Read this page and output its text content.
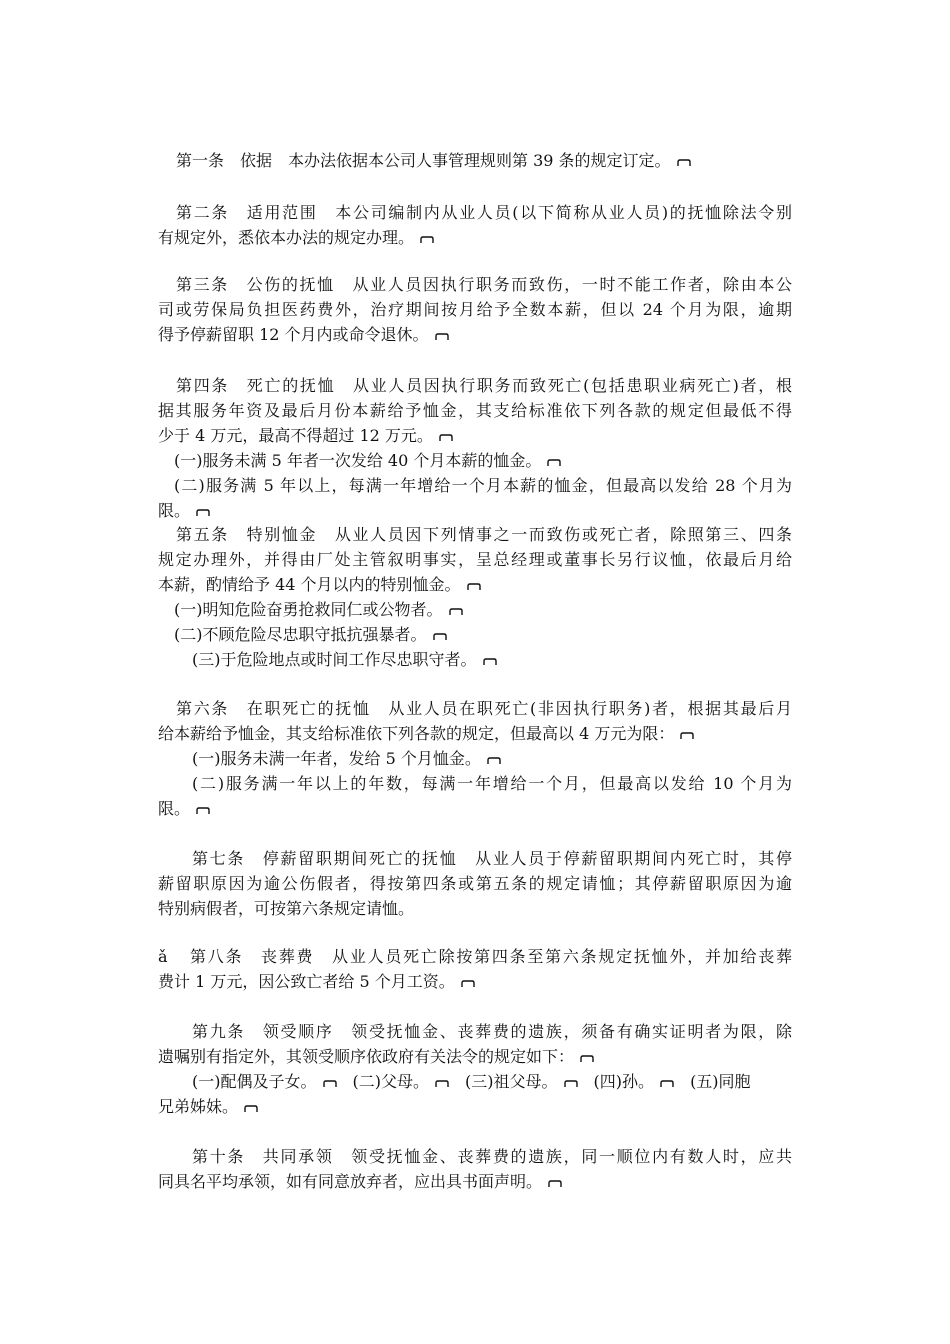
第一条　依据　本办法依据本公司人事管理规则第 39 条的规定订定。
第二条　适用范围　本公司编制内从业人员(以下简称从业人员)的抚恤除法令别
有规定外，悉依本办法的规定办理。
第三条　公伤的抚恤　从业人员因执行职务而致伤，一时不能工作者，除由本公
司或劳保局负担医药费外，治疗期间按月给予全数本薪，但以 24 个月为限，逾期
得予停薪留职 12 个月内或命令退休。
第四条　死亡的抚恤　从业人员因执行职务而致死亡(包括患职业病死亡)者，根
据其服务年资及最后月份本薪给予恤金，其支给标准依下列各款的规定但最低不得
少于 4 万元，最高不得超过 12 万元。
(一)服务未满 5 年者一次发给 40 个月本薪的恤金。
(二)服务满 5 年以上，每满一年增给一个月本薪的恤金，但最高以发给 28 个月为
限。
第五条　特别恤金　从业人员因下列情事之一而致伤或死亡者，除照第三、四条
规定办理外，并得由厂处主管叙明事实，呈总经理或董事长另行议恤，依最后月给
本薪，酌情给予 44 个月以内的特别恤金。
(一)明知危险奋勇抢救同仁或公物者。
(二)不顾危险尽忠职守抵抗强暴者。
(三)于危险地点或时间工作尽忠职守者。
第六条　在职死亡的抚恤　从业人员在职死亡(非因执行职务)者，根据其最后月
给本薪给予恤金，其支给标准依下列各款的规定，但最高以 4 万元为限：
(一)服务未满一年者，发给 5 个月恤金。
(二)服务满一年以上的年数，每满一年增给一个月，但最高以发给 10 个月为
限。
第七条　停薪留职期间死亡的抚恤　从业人员于停薪留职期间内死亡时，其停
薪留职原因为逾公伤假者，得按第四条或第五条的规定请恤；其停薪留职原因为逾
特别病假者，可按第六条规定请恤。
ǎ 第八条　丧葬费　从业人员死亡除按第四条至第六条规定抚恤外，并加给丧葬
费计 1 万元，因公致亡者给 5 个月工资。
第九条　领受顺序　领受抚恤金、丧葬费的遗族，须备有确实证明者为限，除
遗嘱别有指定外，其领受顺序依政府有关法令的规定如下：
(一)配偶及子女。
　 (二)父母。
　 (三)祖父母。
　 (四)孙。
　 (五)同胞
兄弟姊妹。
第十条　共同承领　领受抚恤金、丧葬费的遗族，同一顺位内有数人时，应共
同具名平均承领，如有同意放弃者，应出具书面声明。
